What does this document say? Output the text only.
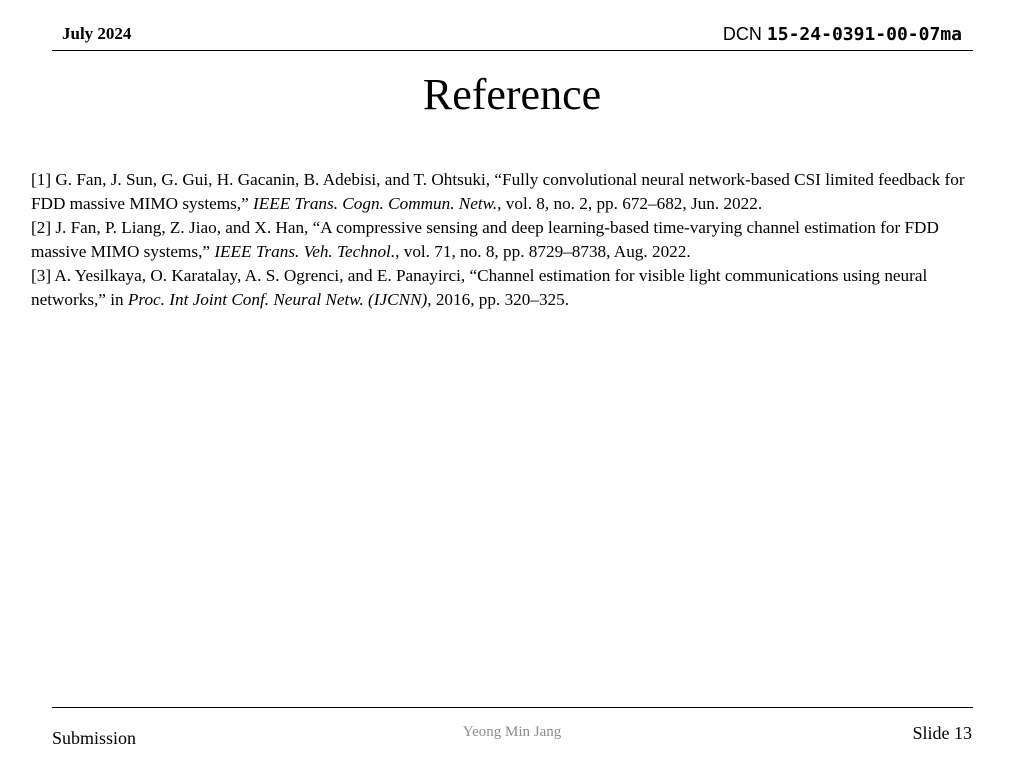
July 2024	DCN 15-24-0391-00-07ma
Reference

[1] G. Fan, J. Sun, G. Gui, H. Gacanin, B. Adebisi, and T. Ohtsuki, “Fully convolutional neural network-based CSI limited feedback for FDD massive MIMO systems,” IEEE Trans. Cogn. Commun. Netw., vol. 8, no. 2, pp. 672–682, Jun. 2022.

[2] J. Fan, P. Liang, Z. Jiao, and X. Han, “A compressive sensing and deep learning-based time-varying channel estimation for FDD massive MIMO systems,” IEEE Trans. Veh. Technol., vol. 71, no. 8, pp. 8729–8738, Aug. 2022.

[3] A. Yesilkaya, O. Karatalay, A. S. Ogrenci, and E. Panayirci, “Channel estimation for visible light communications using neural networks,” in Proc. Int Joint Conf. Neural Netw. (IJCNN), 2016, pp. 320–325.

Submission	Yeong Min Jang	Slide 13
